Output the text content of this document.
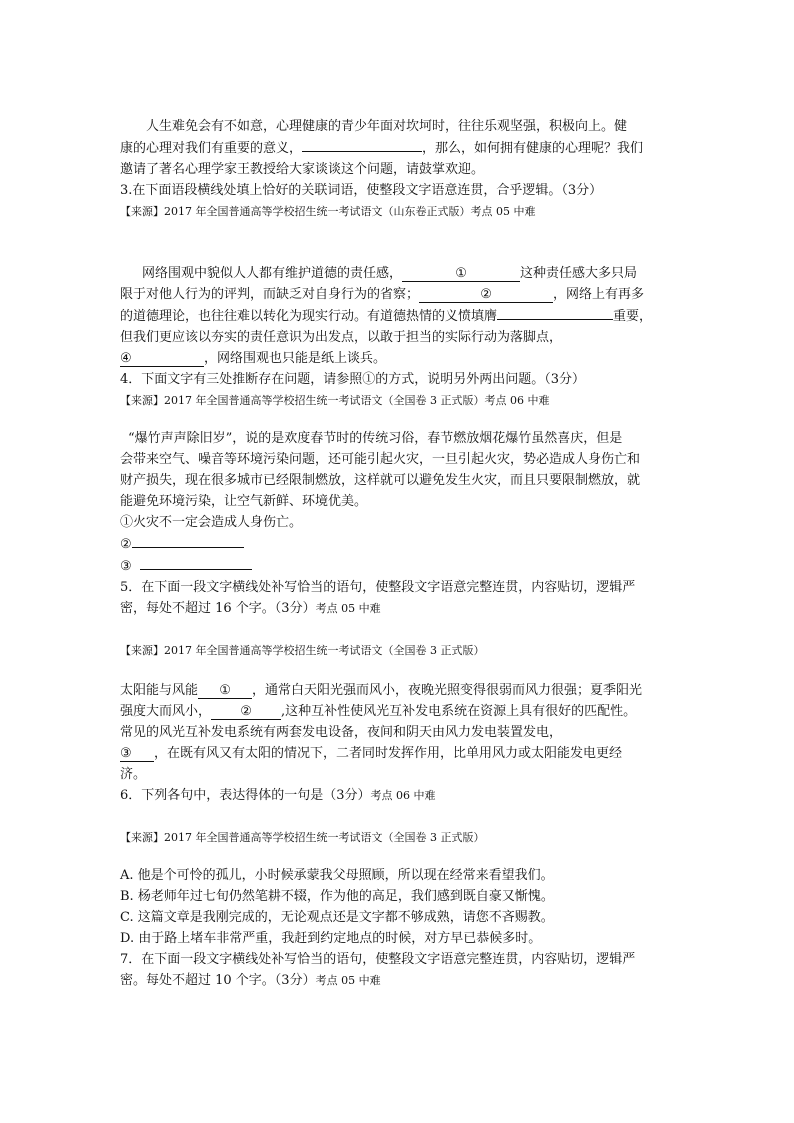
人生难免会有不如意，心理健康的青少年面对坎坷时，往往乐观坚强，积极向上。健

康的心理对我们有重要的意义，	，那么，如何拥有健康的心理呢？我们

邀请了著名心理学家王教授给大家谈谈这个问题，请鼓掌欢迎。

3.在下面语段横线处填上恰好的关联词语，使整段文字语意连贯，合乎逻辑。（3分）

【来源】2017 年全国普通高等学校招生统一考试语文（山东卷正式版）考点 05 中难

网络围观中貌似人人都有维护道德的责任感，	①	这种责任感大多只局

限于对他人行为的评判，而缺乏对自身行为的省察；	②	，网络上有再多

的道德理论，也往往难以转化为现实行动。有道德热情的义愤填膺	重要，

但我们更应该以夯实的责任意识为出发点，以敢于担当的实际行动为落脚点，

④	，网络围观也只能是纸上谈兵。

4．下面文字有三处推断存在问题，请参照①的方式，说明另外两出问题。（3分）

【来源】2017 年全国普通高等学校招生统一考试语文（全国卷 3 正式版）考点 06 中难

“爆竹声声除旧岁”，说的是欢度春节时的传统习俗，春节燃放烟花爆竹虽然喜庆，但是

会带来空气、噪音等环境污染问题，还可能引起火灾，一旦引起火灾，势必造成人身伤亡和

财产损失，现在很多城市已经限制燃放，这样就可以避免发生火灾，而且只要限制燃放，就

能避免环境污染，让空气新鲜、环境优美。

①火灾不一定会造成人身伤亡。

②

③

5．在下面一段文字横线处补写恰当的语句，使整段文字语意完整连贯，内容贴切，逻辑严

密，每处不超过 16 个字。（3分）考点 05 中难

【来源】2017 年全国普通高等学校招生统一考试语文（全国卷 3 正式版）

太阳能与风能 ① ，通常白天阳光强而风小，夜晚光照变得很弱而风力很强；夏季阳光

强度大而风小， ② ,这种互补性使风光互补发电系统在资源上具有很好的匹配性。

常见的风光互补发电系统有两套发电设备，夜间和阴天由风力发电装置发电，

③ ，在既有风又有太阳的情况下，二者同时发挥作用，比单用风力或太阳能发电更经

济。

6．下列各句中，表达得体的一句是（3分）考点 06 中难

【来源】2017 年全国普通高等学校招生统一考试语文（全国卷 3 正式版）

A. 他是个可怜的孤儿，小时候承蒙我父母照顾，所以现在经常来看望我们。

B. 杨老师年过七旬仍然笔耕不辍，作为他的高足，我们感到既自豪又惭愧。

C. 这篇文章是我刚完成的，无论观点还是文字都不够成熟，请您不吝赐教。

D. 由于路上堵车非常严重，我赶到约定地点的时候，对方早已恭候多时。

7．在下面一段文字横线处补写恰当的语句，使整段文字语意完整连贯，内容贴切，逻辑严

密。每处不超过 10 个字。（3分）考点 05 中难
